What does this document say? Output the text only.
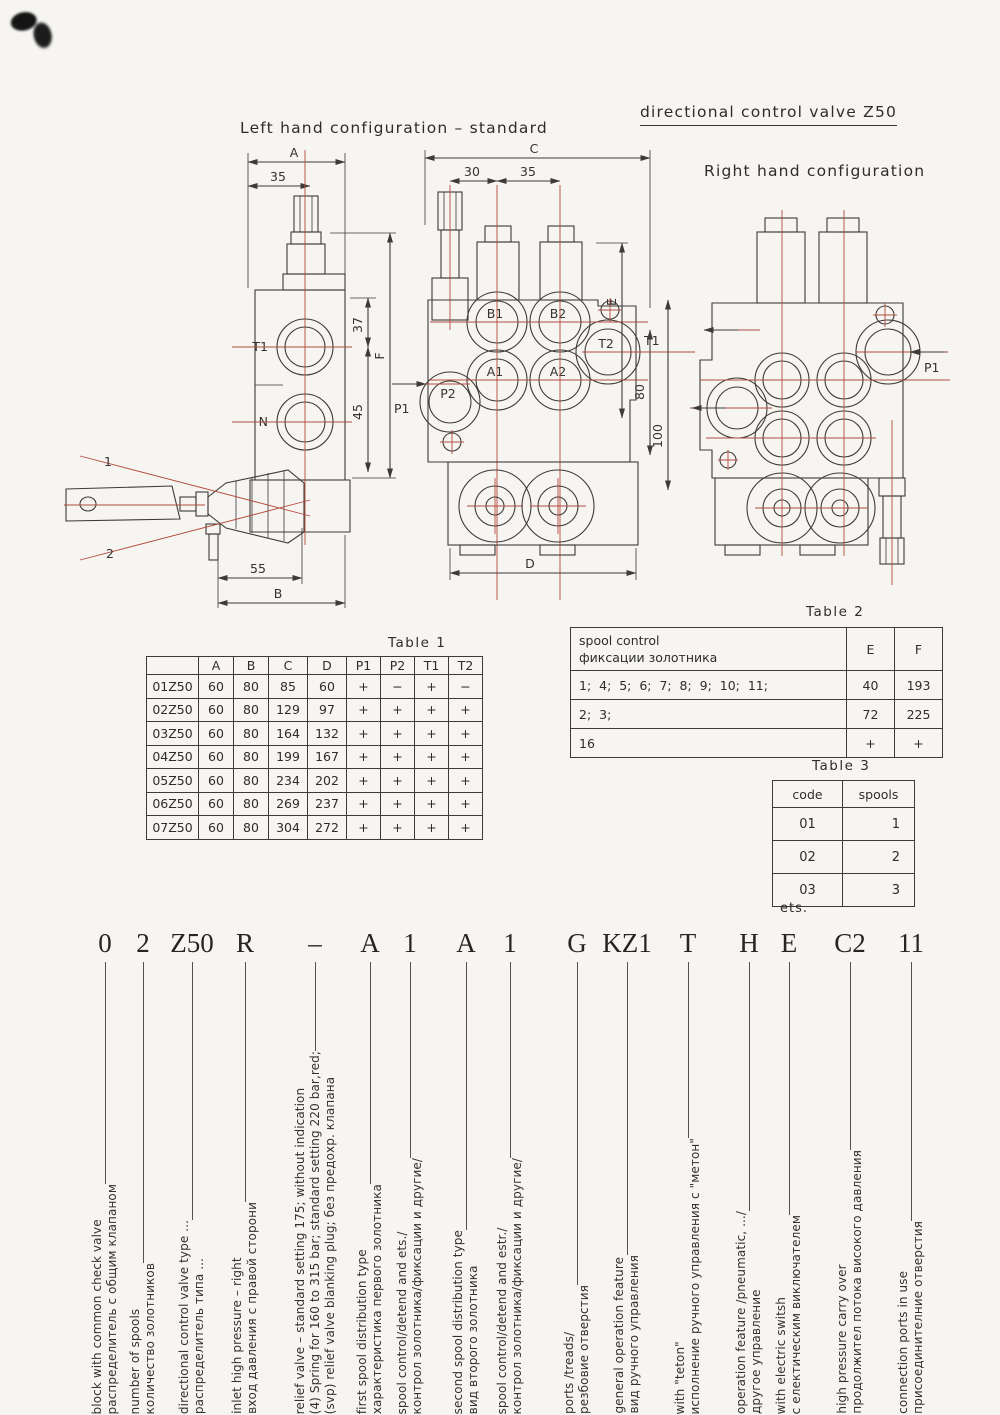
Left hand configuration – standard
directional control valve Z50
Right hand configuration
A
35
T1
N
37
45
F
1
2
55
B
C
30	35
B1	B2
A1	A2
P2
T2 T1
P1
E
80
100
D
P1
Table 1
	A	B	C	D	P1	P2	T1	T2
01Z50	60	80	85	60	+	−	+	−
02Z50	60	80	129	97	+	+	+	+
03Z50	60	80	164	132	+	+	+	+
04Z50	60	80	199	167	+	+	+	+
05Z50	60	80	234	202	+	+	+	+
06Z50	60	80	269	237	+	+	+	+
07Z50	60	80	304	272	+	+	+	+
Table 2
spool control
фиксации золотника	E	F
1;  4;  5;  6;  7;  8;  9;  10;  11;	40	193
2;  3;	72	225
16	+	+
Table 3
code	spools
01	1
02	2
03	3
ets.
0
block with common check valve распределитель с общим клапаном
2
number of spools количество золотников
Z50
directional control valve type ... распределитель типа ...
R
inlet high pressure – right вход давления с правой сторони
–
relief valve – standard setting 175; without indication (4) Spring for 160 to 315 bar; standard setting 220 bar,red; (svp) relief valve blanking plug; без предохр. клапана
A
first spool distribution type характеристика первого золотника
1
spool control/detend and ets./ контрол золотника/фиксации и другие/
A
second spool distribution type вид второго золотника
1
spool control/detend and estr./ контрол золотника/фиксации и другие/
G
ports /treads/ резбовие отверстия
KZ1
general operation feature вид ручного управления
T
with "teton" исполнение ручного управления с "метон"
H
operation feature /pneumatic, .../ другое управление
E
with electric switsh с електическим виключателем
C2
high pressure carry over продолжител потока високого давления
11
connection ports in use присоединителние отверстия
